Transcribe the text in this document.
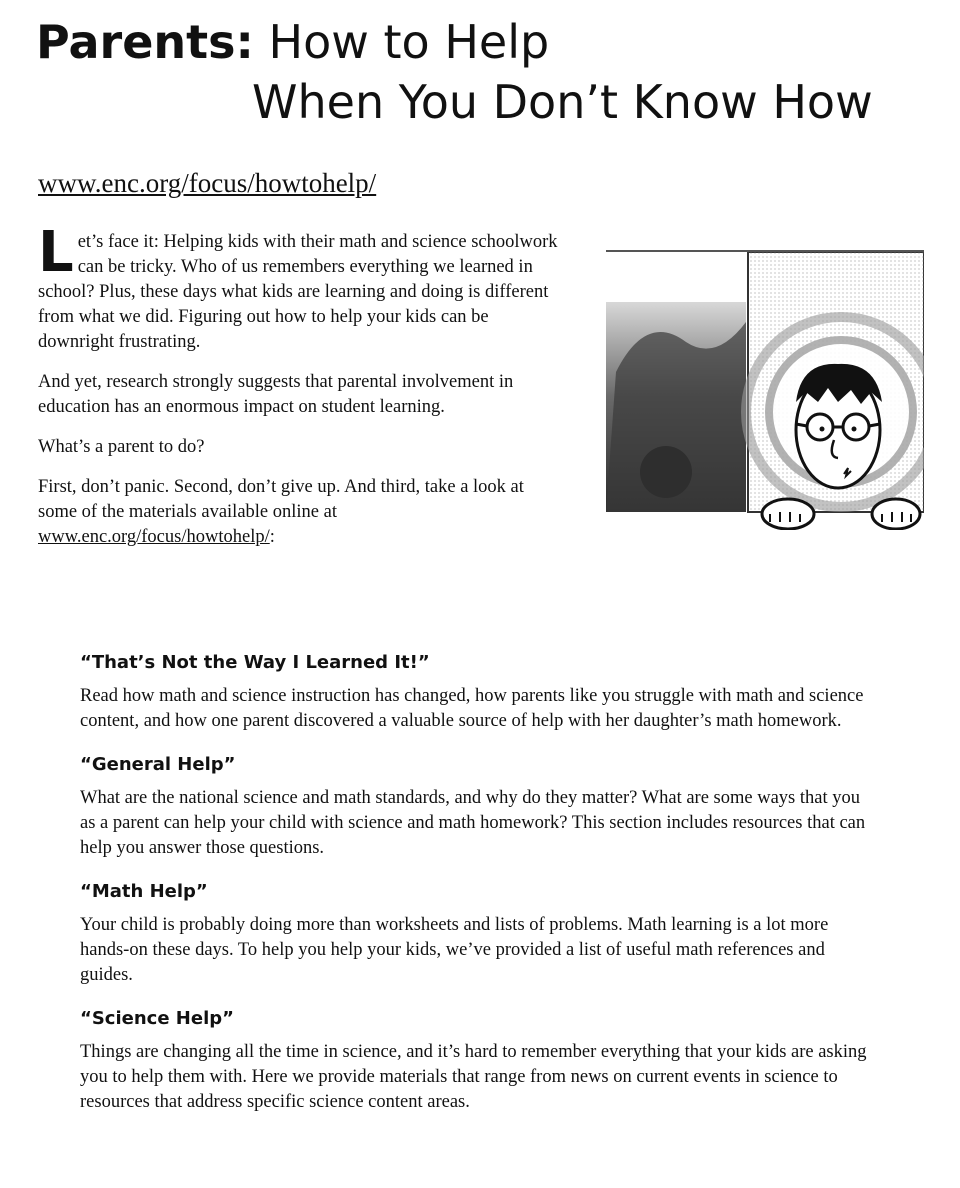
Parents: How to Help
When You Don’t Know How
www.enc.org/focus/howtohelp/

L et’s face it: Helping kids with their math and science schoolwork can be tricky. Who of us remembers everything we learned in school? Plus, these days what kids are learning and doing is different from what we did. Figuring out how to help your kids can be downright frustrating.

And yet, research strongly suggests that parental involvement in education has an enormous impact on student learning.

What’s a parent to do?

First, don’t panic. Second, don’t give up. And third, take a look at some of the materials available online at www.enc.org/focus/howtohelp/:

“That’s Not the Way I Learned It!”
Read how math and science instruction has changed, how parents like you struggle with math and science content, and how one parent discovered a valuable source of help with her daughter’s math homework.
“General Help”
What are the national science and math standards, and why do they matter? What are some ways that you as a parent can help your child with science and math homework? This section includes resources that can help you answer those questions.
“Math Help”
Your child is probably doing more than worksheets and lists of problems. Math learning is a lot more hands-on these days. To help you help your kids, we’ve provided a list of useful math references and guides.
“Science Help”
Things are changing all the time in science, and it’s hard to remember everything that your kids are asking you to help them with. Here we provide materials that range from news on current events in science to resources that address specific science content areas.
